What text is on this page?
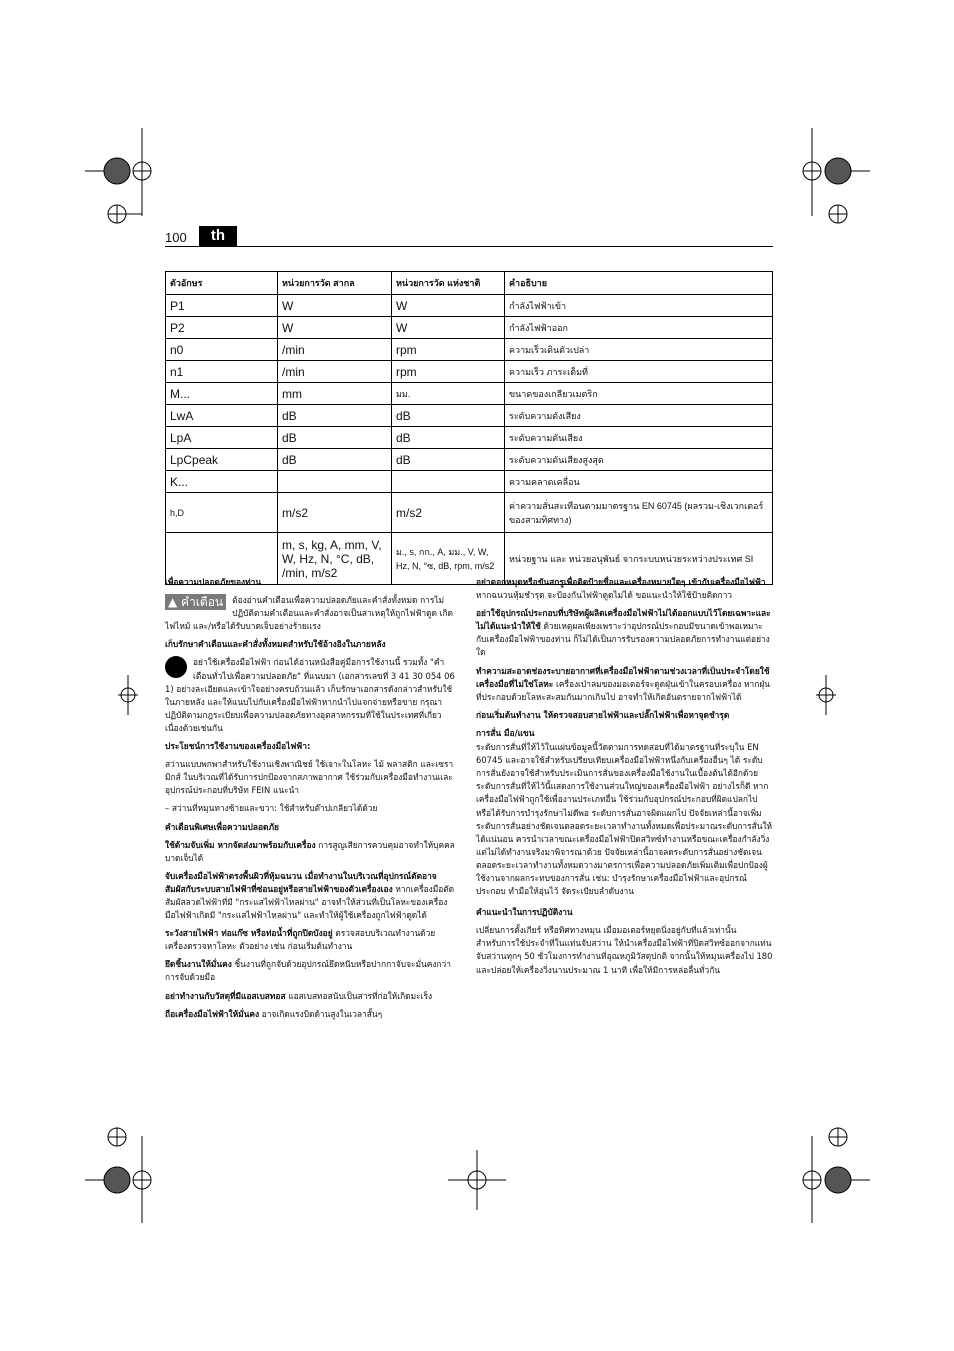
100	th
ตัวอักษร	หน่วยการวัด สากล	หน่วยการวัด แห่งชาติ	คำอธิบาย
P1	W	W	กำลังไฟฟ้าเข้า
P2	W	W	กำลังไฟฟ้าออก
n0	/min	rpm	ความเร็วเดินตัวเปล่า
n1	/min	rpm	ความเร็ว ภาระเต็มที่
M...	mm	มม.	ขนาดของเกลียวเมตริก
LwA	dB	dB	ระดับความดังเสียง
LpA	dB	dB	ระดับความดันเสียง
LpCpeak	dB	dB	ระดับความดันเสียงสูงสุด
K...			ความคลาดเคลื่อน
h,D	m/s2	m/s2	ค่าความสั่นสะเทือนตามมาตรฐาน EN 60745 (ผลรวม-เชิงเวกเตอร์ของสามทิศทาง)
	m, s, kg, A, mm, V, W, Hz, N, °C, dB, /min, m/s2	ม., s, กก., A, มม., V, W, Hz, N, °ซ, dB, rpm, m/s2	หน่วยฐาน และ หน่วยอนุพันธ์ จากระบบหน่วยระหว่างประเทศ SI

เพื่อความปลอดภัยของท่าน

▲ คำเตือน	ต้องอ่านคำเตือนเพื่อความปลอดภัยและคำสั่งทั้งหมด การไม่ปฏิบัติตามคำเตือนและคำสั่งอาจเป็นสาเหตุให้ถูกไฟฟ้าดูด เกิดไฟไหม้ และ/หรือได้รับบาดเจ็บอย่างร้ายแรง

เก็บรักษาคำเตือนและคำสั่งทั้งหมดสำหรับใช้อ้างอิงในภายหลัง

อย่าใช้เครื่องมือไฟฟ้า ก่อนได้อ่านหนังสือคู่มือการใช้งานนี้ รวมทั้ง "คำเตือนทั่วไปเพื่อความปลอดภัย" ที่แนบมา (เอกสารเลขที่ 3 41 30 054 06 1) อย่างละเอียดและเข้าใจอย่างครบถ้วนแล้ว เก็บรักษาเอกสารดังกล่าวสำหรับใช้ในภายหลัง และให้แนบไปกับเครื่องมือไฟฟ้าหากนำไปแจกจ่ายหรือขาย กรุณาปฏิบัติตามกฎระเบียบเพื่อความปลอดภัยทางอุตสาหกรรมที่ใช้ในประเทศที่เกี่ยวเนื่องด้วยเช่นกัน

ประโยชน์การใช้งานของเครื่องมือไฟฟ้า:

สว่านแบบพกพาสำหรับใช้งานเชิงพาณิชย์ ใช้เจาะในโลหะ ไม้ พลาสติก และเซรามิกส์ ในบริเวณที่ได้รับการปกป้องจากสภาพอากาศ ใช้ร่วมกับเครื่องมือทำงานและอุปกรณ์ประกอบที่บริษัท FEIN แนะนำ

– สว่านที่หมุนทางซ้ายและขวา: ใช้สำหรับต๊าปเกลียวได้ด้วย

คำเตือนพิเศษเพื่อความปลอดภัย

ใช้ด้ามจับเพิ่ม หากจัดส่งมาพร้อมกับเครื่อง การสูญเสียการควบคุมอาจทำให้บุคคลบาดเจ็บได้

จับเครื่องมือไฟฟ้าตรงพื้นผิวที่หุ้มฉนวน เมื่อทำงานในบริเวณที่อุปกรณ์ตัดอาจสัมผัสกับระบบสายไฟฟ้าที่ซ่อนอยู่หรือสายไฟฟ้าของตัวเครื่องเอง หากเครื่องมือตัดสัมผัสลวดไฟฟ้าที่มี "กระแสไฟฟ้าไหลผ่าน" อาจทำให้ส่วนที่เป็นโลหะของเครื่องมือไฟฟ้าเกิดมี "กระแสไฟฟ้าไหลผ่าน" และทำให้ผู้ใช้เครื่องถูกไฟฟ้าดูดได้

ระวังสายไฟฟ้า ท่อแก๊ซ หรือท่อน้ำที่ถูกปิดบังอยู่ ตรวจสอบบริเวณทำงานด้วยเครื่องตรวจหาโลหะ ตัวอย่าง เช่น ก่อนเริ่มต้นทำงาน

ยึดชิ้นงานให้มั่นคง ชิ้นงานที่ถูกจับด้วยอุปกรณ์ยึดหนีบหรือปากกาจับจะมั่นคงกว่าการจับด้วยมือ

อย่าทำงานกับวัสดุที่มีแอสเบสทอส แอสเบสทอสนับเป็นสารที่ก่อให้เกิดมะเร็ง

ถือเครื่องมือไฟฟ้าให้มั่นคง อาจเกิดแรงบิดด้านสูงในเวลาสั้นๆ

อย่าตอกหมุดหรือขันสกรูเพื่อติดป้ายชื่อและเครื่องหมายใดๆ เข้ากับเครื่องมือไฟฟ้า หากฉนวนหุ้มชำรุด จะป้องกันไฟฟ้าดูดไม่ได้ ขอแนะนำให้ใช้ป้ายติดกาว

อย่าใช้อุปกรณ์ประกอบที่บริษัทผู้ผลิตเครื่องมือไฟฟ้าไม่ได้ออกแบบไว้โดยเฉพาะและไม่ได้แนะนำให้ใช้ ด้วยเหตุผลเพียงเพราะว่าอุปกรณ์ประกอบมีขนาดเข้าพอเหมาะกับเครื่องมือไฟฟ้าของท่าน ก็ไม่ได้เป็นการรับรองความปลอดภัยการทำงานแต่อย่างใด

ทำความสะอาดช่องระบายอากาศที่เครื่องมือไฟฟ้าตามช่วงเวลาที่เป็นประจำโดยใช้เครื่องมือที่ไม่ใช่โลหะ เครื่องเป่าลมของมอเตอร์จะดูดฝุ่นเข้าในครอบเครื่อง หากฝุ่นที่ประกอบด้วยโลหะสะสมกันมากเกินไป อาจทำให้เกิดอันตรายจากไฟฟ้าได้

ก่อนเริ่มต้นทำงาน ให้ตรวจสอบสายไฟฟ้าและปลั๊กไฟฟ้าเพื่อหาจุดชำรุด

การสั่น มือ/แขน

ระดับการสั่นที่ให้ไว้ในแผ่นข้อมูลนี้วัดตามการทดสอบที่ได้มาตรฐานที่ระบุใน EN 60745 และอาจใช้สำหรับเปรียบเทียบเครื่องมือไฟฟ้าหนึ่งกับเครื่องอื่นๆ ได้ ระดับการสั่นยังอาจใช้สำหรับประเมินการสั่นของเครื่องมือใช้งานในเบื้องต้นได้อีกด้วยระดับการสั่นที่ให้ไว้นี้แสดงการใช้งานส่วนใหญ่ของเครื่องมือไฟฟ้า อย่างไรก็ดี หากเครื่องมือไฟฟ้าถูกใช้เพื่องานประเภทอื่น ใช้ร่วมกับอุปกรณ์ประกอบที่ผิดแปลกไป หรือได้รับการบำรุงรักษาไม่ดีพอ ระดับการสั่นอาจผิดแผกไป ปัจจัยเหล่านี้อาจเพิ่มระดับการสั่นอย่างชัดเจนตลอดระยะเวลาทำงานทั้งหมดเพื่อประมาณระดับการสั่นให้ได้แน่นอน ควรนำเวลาขณะเครื่องมือไฟฟ้าปิดสวิทซ์ทำงานหรือขณะเครื่องกำลังวิ่งแต่ไม่ได้ทำงานจริงมาพิจารณาด้วย ปัจจัยเหล่านี้อาจลดระดับการสั่นอย่างชัดเจนตลอดระยะเวลาทำงานทั้งหมดวางมาตรการเพื่อความปลอดภัยเพิ่มเติมเพื่อปกป้องผู้ใช้งานจากผลกระทบของการสั่น เช่น: บำรุงรักษาเครื่องมือไฟฟ้าและอุปกรณ์ประกอบ ทำมือให้อุ่นไว้ จัดระเบียบลำดับงาน

คำแนะนำในการปฏิบัติงาน

เปลี่ยนการตั้งเกียร์ หรือทิศทางหมุน เมื่อมอเตอร์หยุดนิ่งอยู่กับที่แล้วเท่านั้น

สำหรับการใช้ประจำที่ในแท่นจับสว่าน ให้นำเครื่องมือไฟฟ้าที่ปิดสวิทซ์ออกจากแท่นจับสว่านทุกๆ 50 ชั่วโมงการทำงานที่อุณหภูมิวัสดุปกติ จากนั้นให้หมุนเครื่องไป 180 และปล่อยให้เครื่องวิ่งนานประมาณ 1 นาที เพื่อให้มีการหล่อลื่นทั่วกัน
